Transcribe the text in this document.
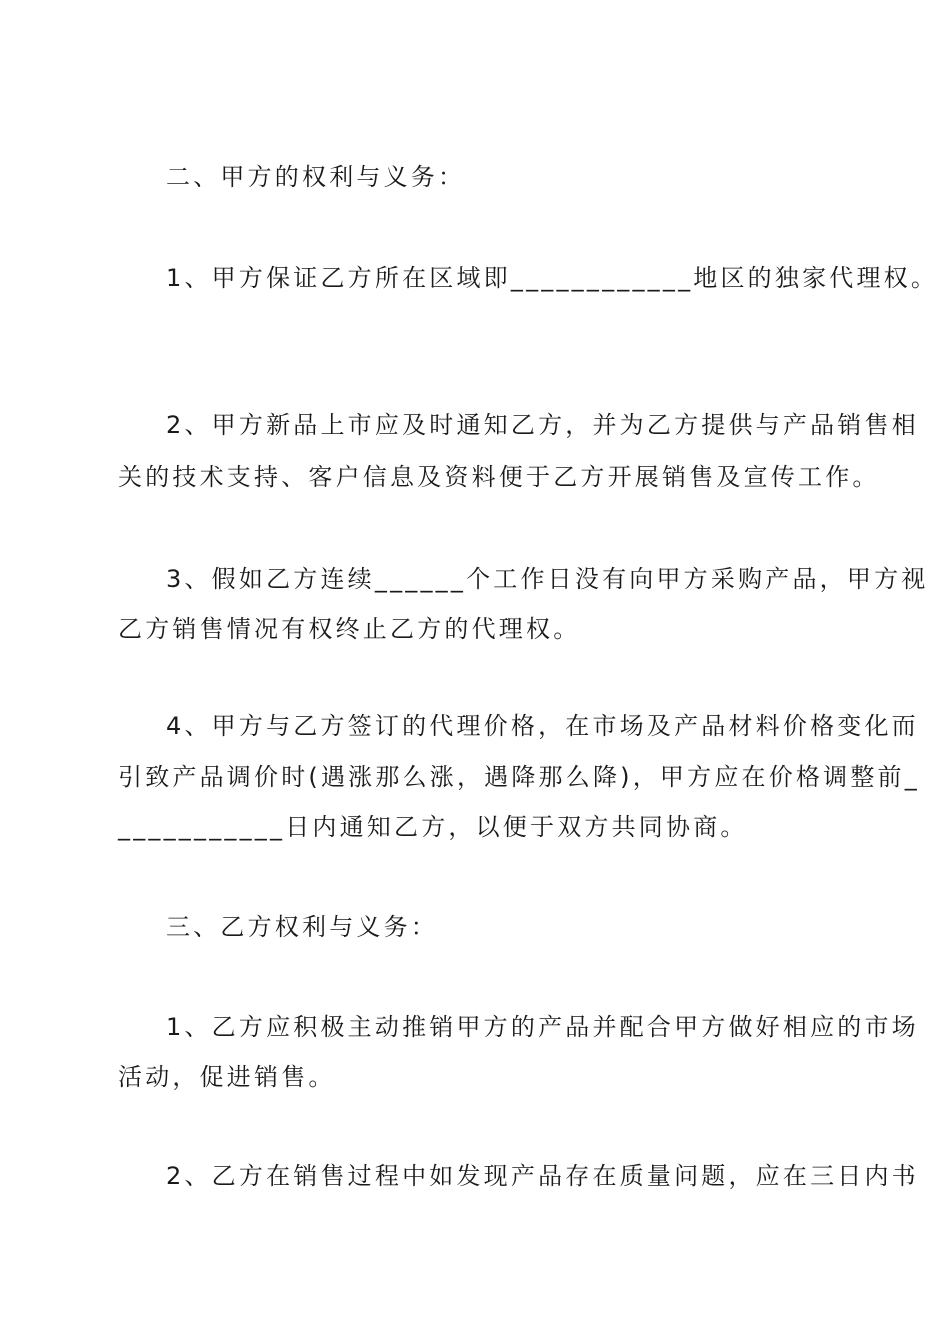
二、甲方的权利与义务：
1、甲方保证乙方所在区域即____________地区的独家代理权。
2、甲方新品上市应及时通知乙方，并为乙方提供与产品销售相
关的技术支持、客户信息及资料便于乙方开展销售及宣传工作。
3、假如乙方连续______个工作日没有向甲方采购产品，甲方视
乙方销售情况有权终止乙方的代理权。
4、甲方与乙方签订的代理价格，在市场及产品材料价格变化而
引致产品调价时(遇涨那么涨，遇降那么降)，甲方应在价格调整前_
___________日内通知乙方，以便于双方共同协商。
三、乙方权利与义务：
1、乙方应积极主动推销甲方的产品并配合甲方做好相应的市场
活动，促进销售。
2、乙方在销售过程中如发现产品存在质量问题，应在三日内书
